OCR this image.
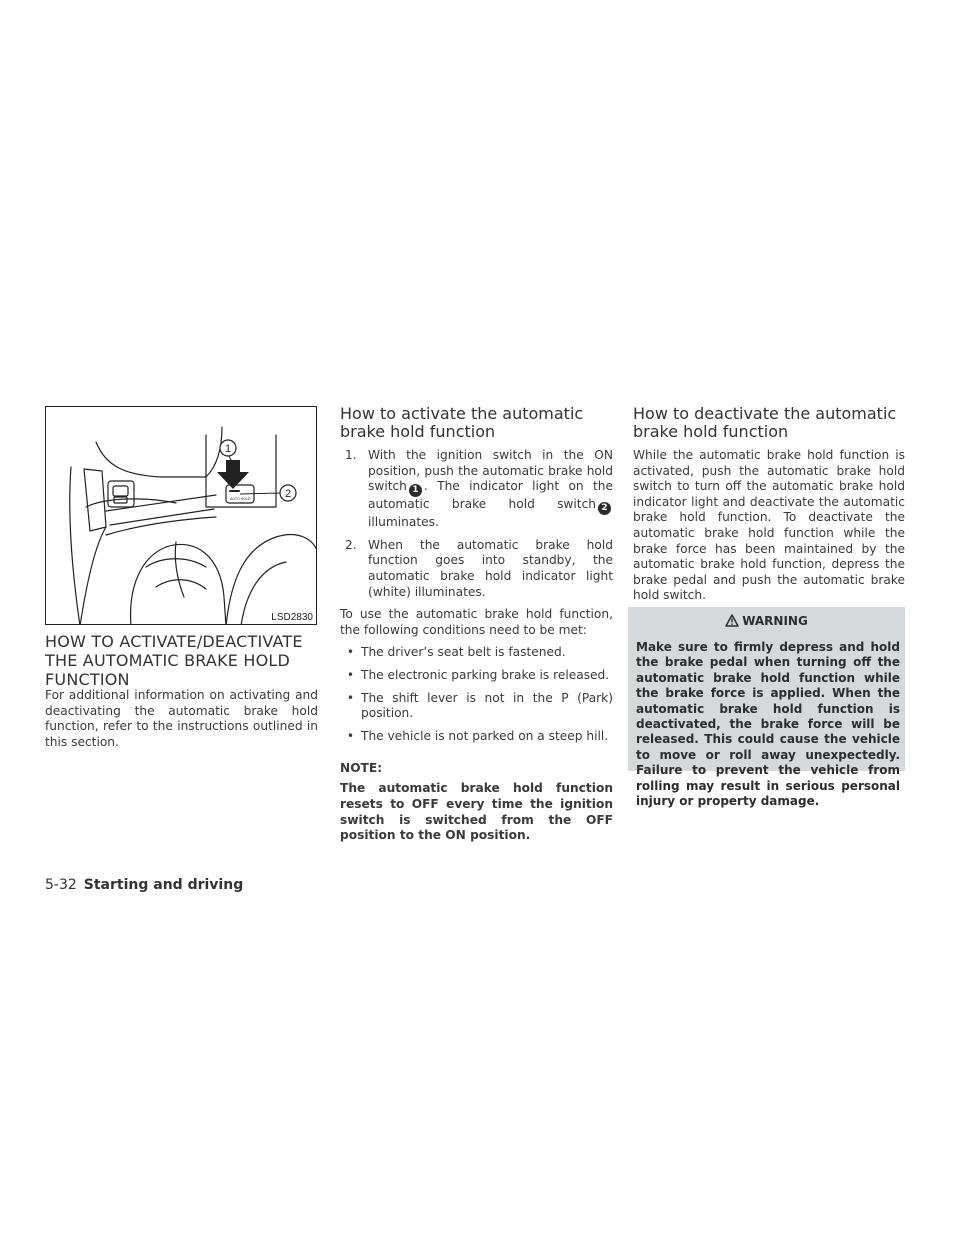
1
2
AUTO HOLD
LSD2830
HOW TO ACTIVATE/DEACTIVATE THE AUTOMATIC BRAKE HOLD FUNCTION

For additional information on activating and deactivating the automatic brake hold function, refer to the instructions outlined in this section.

How to activate the automatic brake hold function
1. With the ignition switch in the ON position, push the automatic brake hold switch 1 . The indicator light on the automatic brake hold switch 2 illuminates.
2. When the automatic brake hold function goes into standby, the automatic brake hold indicator light (white) illuminates.

To use the automatic brake hold function, the following conditions need to be met:

• The driver’s seat belt is fastened.
• The electronic parking brake is released.
• The shift lever is not in the P (Park) position.
• The vehicle is not parked on a steep hill.
NOTE:

The automatic brake hold function resets to OFF every time the ignition switch is switched from the OFF position to the ON position.

How to deactivate the automatic brake hold function

While the automatic brake hold function is activated, push the automatic brake hold switch to turn off the automatic brake hold indicator light and deactivate the automatic brake hold function. To deactivate the automatic brake hold function while the brake force has been maintained by the automatic brake hold function, depress the brake pedal and push the automatic brake hold switch.

WARNING

Make sure to firmly depress and hold the brake pedal when turning off the automatic brake hold function while the brake force is applied. When the automatic brake hold function is deactivated, the brake force will be released. This could cause the vehicle to move or roll away unexpectedly. Failure to prevent the vehicle from rolling may result in serious personal injury or property damage.

5-32 Starting and driving
